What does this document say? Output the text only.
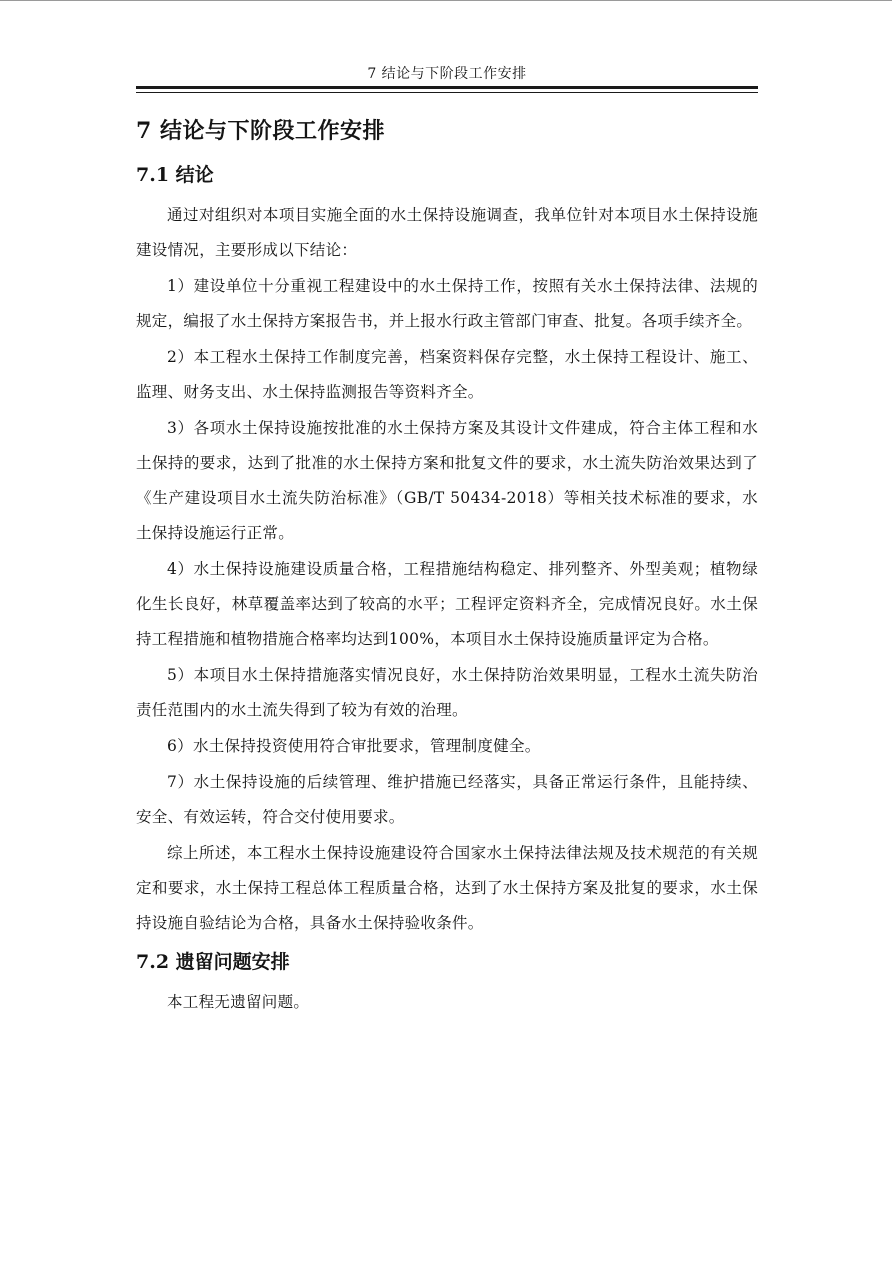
7 结论与下阶段工作安排
7 结论与下阶段工作安排
7.1 结论

通过对组织对本项目实施全面的水土保持设施调查，我单位针对本项目水土保持设施建设情况，主要形成以下结论：

1）建设单位十分重视工程建设中的水土保持工作，按照有关水土保持法律、法规的规定，编报了水土保持方案报告书，并上报水行政主管部门审查、批复。各项手续齐全。

2）本工程水土保持工作制度完善，档案资料保存完整，水土保持工程设计、施工、监理、财务支出、水土保持监测报告等资料齐全。

3）各项水土保持设施按批准的水土保持方案及其设计文件建成，符合主体工程和水土保持的要求，达到了批准的水土保持方案和批复文件的要求，水土流失防治效果达到了《生产建设项目水土流失防治标准》（GB/T 50434-2018）等相关技术标准的要求，水土保持设施运行正常。

4）水土保持设施建设质量合格，工程措施结构稳定、排列整齐、外型美观；植物绿化生长良好，林草覆盖率达到了较高的水平；工程评定资料齐全，完成情况良好。水土保持工程措施和植物措施合格率均达到100%，本项目水土保持设施质量评定为合格。

5）本项目水土保持措施落实情况良好，水土保持防治效果明显，工程水土流失防治责任范围内的水土流失得到了较为有效的治理。

6）水土保持投资使用符合审批要求，管理制度健全。

7）水土保持设施的后续管理、维护措施已经落实，具备正常运行条件，且能持续、安全、有效运转，符合交付使用要求。

综上所述，本工程水土保持设施建设符合国家水土保持法律法规及技术规范的有关规定和要求，水土保持工程总体工程质量合格，达到了水土保持方案及批复的要求，水土保持设施自验结论为合格，具备水土保持验收条件。

7.2 遗留问题安排

本工程无遗留问题。
